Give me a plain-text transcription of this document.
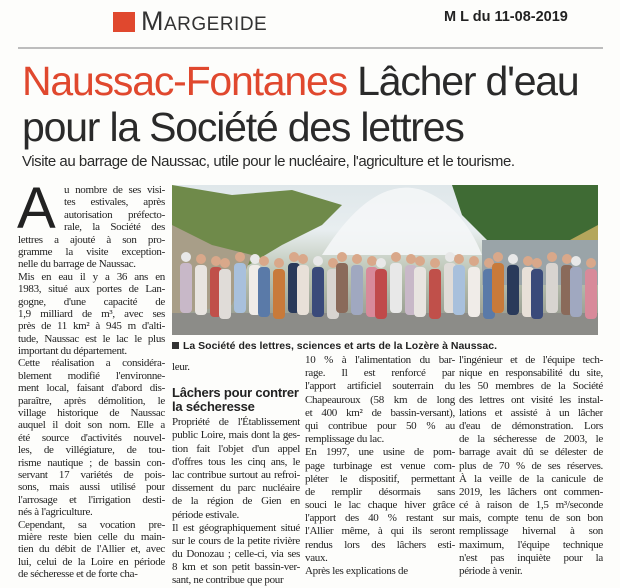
Margeride	M L du 11-08-2019
Naussac-Fontanes Lâcher d'eau
pour la Société des lettres
Visite au barrage de Naussac, utile pour le nucléaire, l'agriculture et le tourisme.
A u nombre de ses visi-
tes estivales, après
autorisation préfecto-
rale, la Société des
lettres a ajouté à son pro-
gramme la visite exception-
nelle du barrage de Naussac.
Mis en eau il y a 36 ans en
1983, situé aux portes de Lan-
gogne, d'une capacité de
1,9 milliard de m³, avec ses
près de 11 km² à 945 m d'alti-
tude, Naussac est le lac le plus
important du département.
Cette réalisation a considéra-
blement modifié l'environne-
ment local, faisant d'abord dis-
paraître, après démolition, le
village historique de Naussac
auquel il doit son nom. Elle a
été source d'activités nouvel-
les, de villégiature, de tou-
risme nautique ; de bassin con-
servant 17 variétés de pois-
sons, mais aussi utilisé pour
l'arrosage et l'irrigation desti-
nés à l'agriculture.
Cependant, sa vocation pre-
mière reste bien celle du main-
tien du débit de l'Allier et, avec
lui, celui de la Loire en période
de sécheresse et de forte cha-
La Société des lettres, sciences et arts de la Lozère à Naussac.
leur.
Lâchers pour contrer
la sécheresse
Propriété de l'Établissement
public Loire, mais dont la ges-
tion fait l'objet d'un appel
d'offres tous les cinq ans, le
lac contribue surtout au refroi-
dissement du parc nucléaire
de la région de Gien en
période estivale.
Il est géographiquement situé
sur le cours de la petite rivière
du Donozau ; celle-ci, via ses
8 km et son petit bassin-ver-
sant, ne contribue que pour
10 % à l'alimentation du bar-
rage. Il est renforcé par
l'apport artificiel souterrain du
Chapeauroux (58 km de long
et 400 km² de bassin-versant),
qui contribue pour 50 % au
remplissage du lac.
En 1997, une usine de pom-
page turbinage est venue com-
pléter le dispositif, permettant
de remplir désormais sans
souci le lac chaque hiver grâce
l'apport des 40 % restant sur
l'Allier même, à qui ils seront
rendus lors des lâchers esti-
vaux.
Après les explications de
l'ingénieur et de l'équipe tech-
nique en responsabilité du site,
les 50 membres de la Société
des lettres ont visité les instal-
lations et assisté à un lâcher
d'eau de démonstration. Lors
de la sécheresse de 2003, le
barrage avait dû se délester de
plus de 70 % de ses réserves.
À la veille de la canicule de
2019, les lâchers ont commen-
cé à raison de 1,5 m³/seconde
mais, compte tenu de son bon
remplissage hivernal à son
maximum, l'équipe technique
n'est pas inquiète pour la
période à venir.
